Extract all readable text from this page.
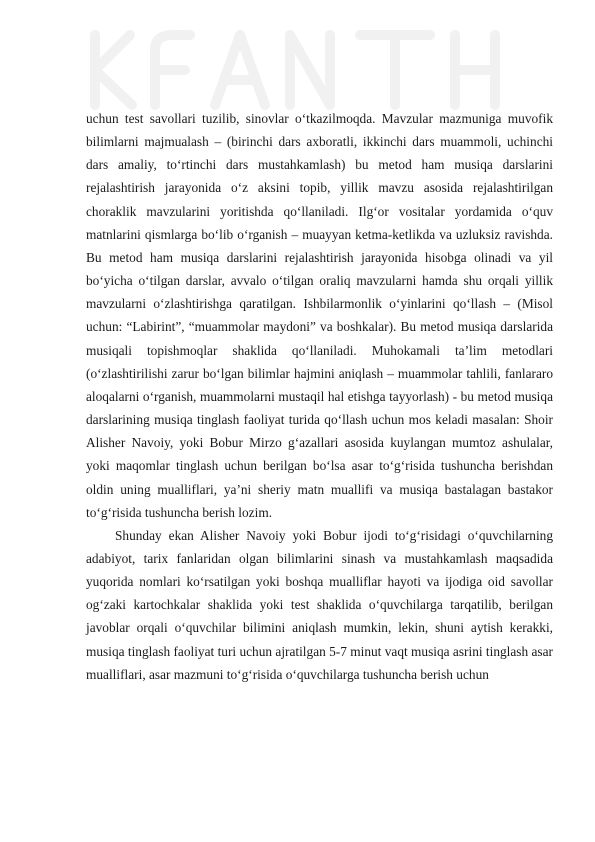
uchun test savollari tuzilib, sinovlar o‘tkazilmoqda. Mavzular mazmuniga muvofik bilimlarni majmualash – (birinchi dars axboratli, ikkinchi dars muammoli, uchinchi dars amaliy, to‘rtinchi dars mustahkamlash) bu metod ham musiqa darslarini rejalashtirish jarayonida o‘z aksini topib, yillik mavzu asosida rejalashtirilgan choraklik mavzularini yoritishda qo‘llaniladi. Ilg‘or vositalar yordamida o‘quv matnlarini qismlarga bo‘lib o‘rganish – muayyan ketma-ketlikda va uzluksiz ravishda. Bu metod ham musiqa darslarini rejalashtirish jarayonida hisobga olinadi va yil bo‘yicha o‘tilgan darslar, avvalo o‘tilgan oraliq mavzularni hamda shu orqali yillik mavzularni o‘zlashtirishga qaratilgan. Ishbilarmonlik o‘yinlarini qo‘llash – (Misol uchun: “Labirint”, “muammolar maydoni” va boshkalar). Bu metod musiqa darslarida musiqali topishmoqlar shaklida qo‘llaniladi. Muhokamali ta’lim metodlari (o‘zlashtirilishi zarur bo‘lgan bilimlar hajmini aniqlash – muammolar tahlili, fanlararo aloqalarni o‘rganish, muammolarni mustaqil hal etishga tayyorlash) - bu metod musiqa darslarining musiqa tinglash faoliyat turida qo‘llash uchun mos keladi masalan: Shoir Alisher Navoiy, yoki Bobur Mirzo g‘azallari asosida kuylangan mumtoz ashulalar, yoki maqomlar tinglash uchun berilgan bo‘lsa asar to‘g‘risida tushuncha berishdan oldin uning mualliflari, ya’ni sheriy matn muallifi va musiqa bastalagan bastakor to‘g‘risida tushuncha berish lozim.

Shunday ekan Alisher Navoiy yoki Bobur ijodi to‘g‘risidagi o‘quvchilarning adabiyot, tarix fanlaridan olgan bilimlarini sinash va mustahkamlash maqsadida yuqorida nomlari ko‘rsatilgan yoki boshqa mualliflar hayoti va ijodiga oid savollar og‘zaki kartochkalar shaklida yoki test shaklida o‘quvchilarga tarqatilib, berilgan javoblar orqali o‘quvchilar bilimini aniqlash mumkin, lekin, shuni aytish kerakki, musiqa tinglash faoliyat turi uchun ajratilgan 5-7 minut vaqt musiqa asrini tinglash asar mualliflari, asar mazmuni to‘g‘risida o‘quvchilarga tushuncha berish uchun
